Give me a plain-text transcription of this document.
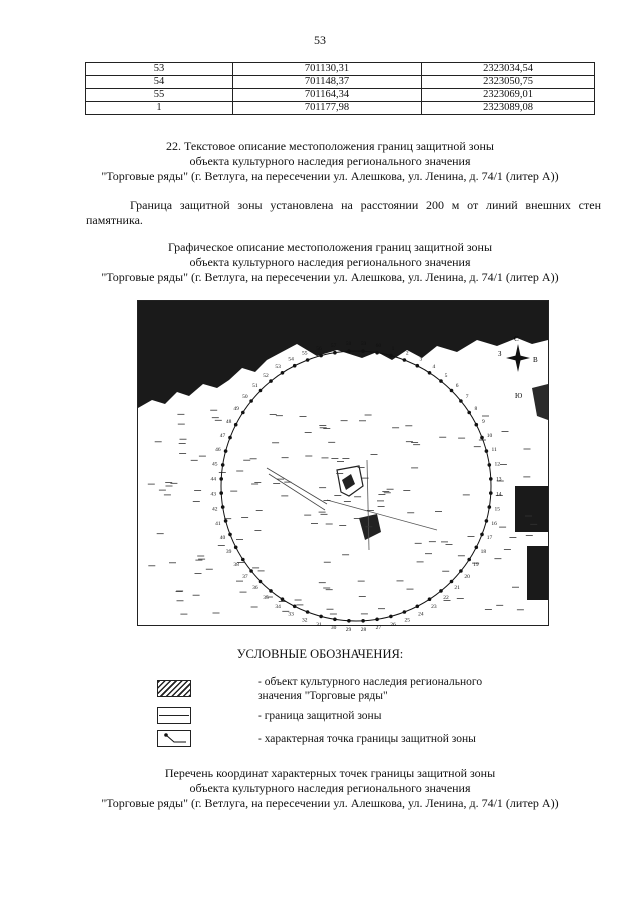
53
53	701130,31	2323034,54
54	701148,37	2323050,75
55	701164,34	2323069,01
1	701177,98	2323089,08
22. Текстовое описание местоположения границ защитной зоны
объекта культурного наследия регионального значения
"Торговые ряды" (г. Ветлуга, на пересечении ул. Алешкова, ул. Ленина, д. 74/1 (литер А))
Граница защитной зоны установлена на расстоянии 200 м от линий внешних стен памятника.
Графическое описание местоположения границ защитной зоны
объекта культурного наследия регионального значения
"Торговые ряды" (г. Ветлуга, на пересечении ул. Алешкова, ул. Ленина, д. 74/1 (литер А))
З
В
С
Ю
1
2
3
4
5
6
7
8
9
10
11
12
13
14
15
16
17
18
19
20
21
22
23
24
25
26
27
28
29
30
31
32
33
34
35
36
37
38
39
40
41
42
43
44
45
46
47
48
49
50
51
52
53
54
55
56
57 58 59 60
УСЛОВНЫЕ ОБОЗНАЧЕНИЯ:
- объект культурного наследия регионального
значения "Торговые ряды"
- граница защитной зоны
- характерная точка границы защитной зоны
Перечень координат характерных точек границы защитной зоны
объекта культурного наследия регионального значения
"Торговые ряды" (г. Ветлуга, на пересечении ул. Алешкова, ул. Ленина, д. 74/1 (литер А))
